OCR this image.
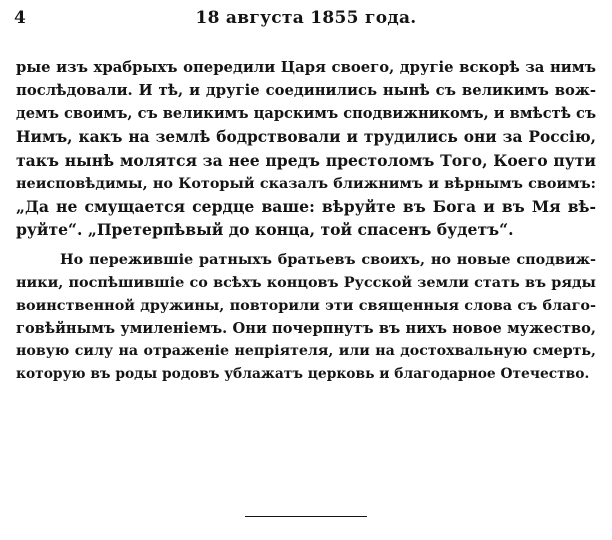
4	18 августа 1855 года.
рые изъ храбрыхъ опередили Царя своего, другіе вскорѣ за нимъ
послѣдовали. И тѣ, и другіе соединились нынѣ съ великимъ вож-
демъ своимъ, съ великимъ царскимъ сподвижникомъ, и вмѣстѣ съ
Нимъ, какъ на землѣ бодрствовали и трудились они за Россію,
такъ нынѣ молятся за нее предъ престоломъ Того, Коего пути
неисповѣдимы, но Который сказалъ ближнимъ и вѣрнымъ своимъ:
„Да не смущается сердце ваше: вѣруйте въ Бога и въ Мя вѣ-
руйте“. „Претерпѣвый до конца, той спасенъ будетъ“.
Но пережившіе ратныхъ братьевъ своихъ, но новые сподвиж-
ники, поспѣшившіе со всѣхъ концовъ Русской земли стать въ ряды
воинственной дружины, повторили эти священныя слова съ благо-
говѣйнымъ умиленіемъ. Они почерпнутъ въ нихъ новое мужество,
новую силу на отраженіе непріятеля, или на достохвальную смерть,
которую въ роды родовъ ублажатъ церковь и благодарное Отечество.
